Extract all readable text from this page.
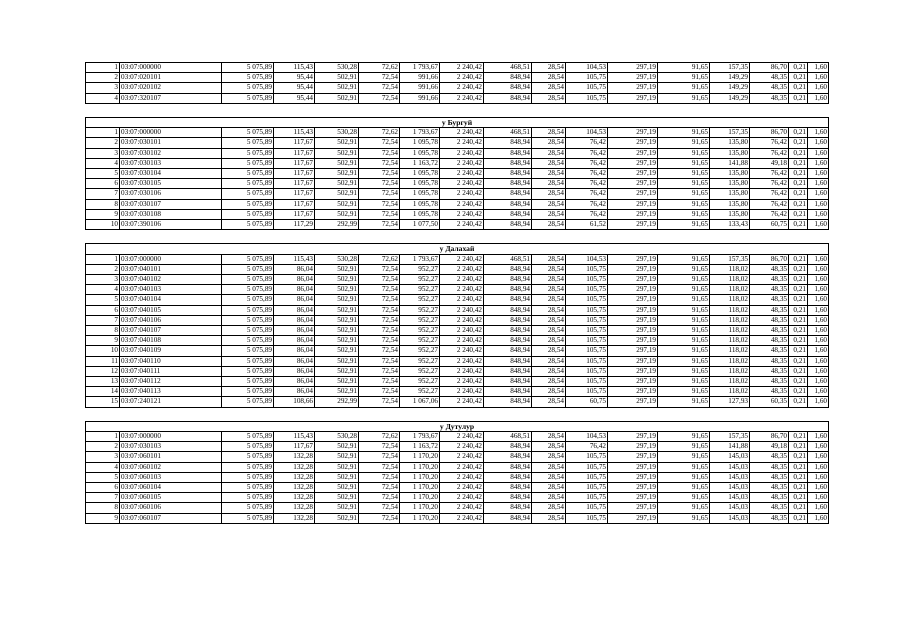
1	03:07:000000	5 075,89	115,43	530,28	72,62	1 793,67	2 240,42	468,51	28,54	104,53	297,19	91,65	157,35	86,70	0,21	1,60
2	03:07:020101	5 075,89	95,44	502,91	72,54	991,66	2 240,42	848,94	28,54	105,75	297,19	91,65	149,29	48,35	0,21	1,60
3	03:07:020102	5 075,89	95,44	502,91	72,54	991,66	2 240,42	848,94	28,54	105,75	297,19	91,65	149,29	48,35	0,21	1,60
4	03:07:320107	5 075,89	95,44	502,91	72,54	991,66	2 240,42	848,94	28,54	105,75	297,19	91,65	149,29	48,35	0,21	1,60

у Бургуй																
1	03:07:000000	5 075,89	115,43	530,28	72,62	1 793,67	2 240,42	468,51	28,54	104,53	297,19	91,65	157,35	86,70	0,21	1,60
2	03:07:030101	5 075,89	117,67	502,91	72,54	1 095,78	2 240,42	848,94	28,54	76,42	297,19	91,65	135,80	76,42	0,21	1,60
3	03:07:030102	5 075,89	117,67	502,91	72,54	1 095,78	2 240,42	848,94	28,54	76,42	297,19	91,65	135,80	76,42	0,21	1,60
4	03:07:030103	5 075,89	117,67	502,91	72,54	1 163,72	2 240,42	848,94	28,54	76,42	297,19	91,65	141,88	49,18	0,21	1,60
5	03:07:030104	5 075,89	117,67	502,91	72,54	1 095,78	2 240,42	848,94	28,54	76,42	297,19	91,65	135,80	76,42	0,21	1,60
6	03:07:030105	5 075,89	117,67	502,91	72,54	1 095,78	2 240,42	848,94	28,54	76,42	297,19	91,65	135,80	76,42	0,21	1,60
7	03:07:030106	5 075,89	117,67	502,91	72,54	1 095,78	2 240,42	848,94	28,54	76,42	297,19	91,65	135,80	76,42	0,21	1,60
8	03:07:030107	5 075,89	117,67	502,91	72,54	1 095,78	2 240,42	848,94	28,54	76,42	297,19	91,65	135,80	76,42	0,21	1,60
9	03:07:030108	5 075,89	117,67	502,91	72,54	1 095,78	2 240,42	848,94	28,54	76,42	297,19	91,65	135,80	76,42	0,21	1,60
10	03:07:390106	5 075,89	117,29	292,99	72,54	1 077,50	2 240,42	848,94	28,54	61,52	297,19	91,65	133,43	60,75	0,21	1,60

у Далахай																
1	03:07:000000	5 075,89	115,43	530,28	72,62	1 793,67	2 240,42	468,51	28,54	104,53	297,19	91,65	157,35	86,70	0,21	1,60
2	03:07:040101	5 075,89	86,04	502,91	72,54	952,27	2 240,42	848,94	28,54	105,75	297,19	91,65	118,02	48,35	0,21	1,60
3	03:07:040102	5 075,89	86,04	502,91	72,54	952,27	2 240,42	848,94	28,54	105,75	297,19	91,65	118,02	48,35	0,21	1,60
4	03:07:040103	5 075,89	86,04	502,91	72,54	952,27	2 240,42	848,94	28,54	105,75	297,19	91,65	118,02	48,35	0,21	1,60
5	03:07:040104	5 075,89	86,04	502,91	72,54	952,27	2 240,42	848,94	28,54	105,75	297,19	91,65	118,02	48,35	0,21	1,60
6	03:07:040105	5 075,89	86,04	502,91	72,54	952,27	2 240,42	848,94	28,54	105,75	297,19	91,65	118,02	48,35	0,21	1,60
7	03:07:040106	5 075,89	86,04	502,91	72,54	952,27	2 240,42	848,94	28,54	105,75	297,19	91,65	118,02	48,35	0,21	1,60
8	03:07:040107	5 075,89	86,04	502,91	72,54	952,27	2 240,42	848,94	28,54	105,75	297,19	91,65	118,02	48,35	0,21	1,60
9	03:07:040108	5 075,89	86,04	502,91	72,54	952,27	2 240,42	848,94	28,54	105,75	297,19	91,65	118,02	48,35	0,21	1,60
10	03:07:040109	5 075,89	86,04	502,91	72,54	952,27	2 240,42	848,94	28,54	105,75	297,19	91,65	118,02	48,35	0,21	1,60
11	03:07:040110	5 075,89	86,04	502,91	72,54	952,27	2 240,42	848,94	28,54	105,75	297,19	91,65	118,02	48,35	0,21	1,60
12	03:07:040111	5 075,89	86,04	502,91	72,54	952,27	2 240,42	848,94	28,54	105,75	297,19	91,65	118,02	48,35	0,21	1,60
13	03:07:040112	5 075,89	86,04	502,91	72,54	952,27	2 240,42	848,94	28,54	105,75	297,19	91,65	118,02	48,35	0,21	1,60
14	03:07:040113	5 075,89	86,04	502,91	72,54	952,27	2 240,42	848,94	28,54	105,75	297,19	91,65	118,02	48,35	0,21	1,60
15	03:07:240121	5 075,89	108,66	292,99	72,54	1 067,06	2 240,42	848,94	28,54	60,75	297,19	91,65	127,93	60,35	0,21	1,60

у Дутулур																
1	03:07:000000	5 075,89	115,43	530,28	72,62	1 793,67	2 240,42	468,51	28,54	104,53	297,19	91,65	157,35	86,70	0,21	1,60
2	03:07:030103	5 075,89	117,67	502,91	72,54	1 163,72	2 240,42	848,94	28,54	76,42	297,19	91,65	141,88	49,18	0,21	1,60
3	03:07:060101	5 075,89	132,28	502,91	72,54	1 170,20	2 240,42	848,94	28,54	105,75	297,19	91,65	145,03	48,35	0,21	1,60
4	03:07:060102	5 075,89	132,28	502,91	72,54	1 170,20	2 240,42	848,94	28,54	105,75	297,19	91,65	145,03	48,35	0,21	1,60
5	03:07:060103	5 075,89	132,28	502,91	72,54	1 170,20	2 240,42	848,94	28,54	105,75	297,19	91,65	145,03	48,35	0,21	1,60
6	03:07:060104	5 075,89	132,28	502,91	72,54	1 170,20	2 240,42	848,94	28,54	105,75	297,19	91,65	145,03	48,35	0,21	1,60
7	03:07:060105	5 075,89	132,28	502,91	72,54	1 170,20	2 240,42	848,94	28,54	105,75	297,19	91,65	145,03	48,35	0,21	1,60
8	03:07:060106	5 075,89	132,28	502,91	72,54	1 170,20	2 240,42	848,94	28,54	105,75	297,19	91,65	145,03	48,35	0,21	1,60
9	03:07:060107	5 075,89	132,28	502,91	72,54	1 170,20	2 240,42	848,94	28,54	105,75	297,19	91,65	145,03	48,35	0,21	1,60
